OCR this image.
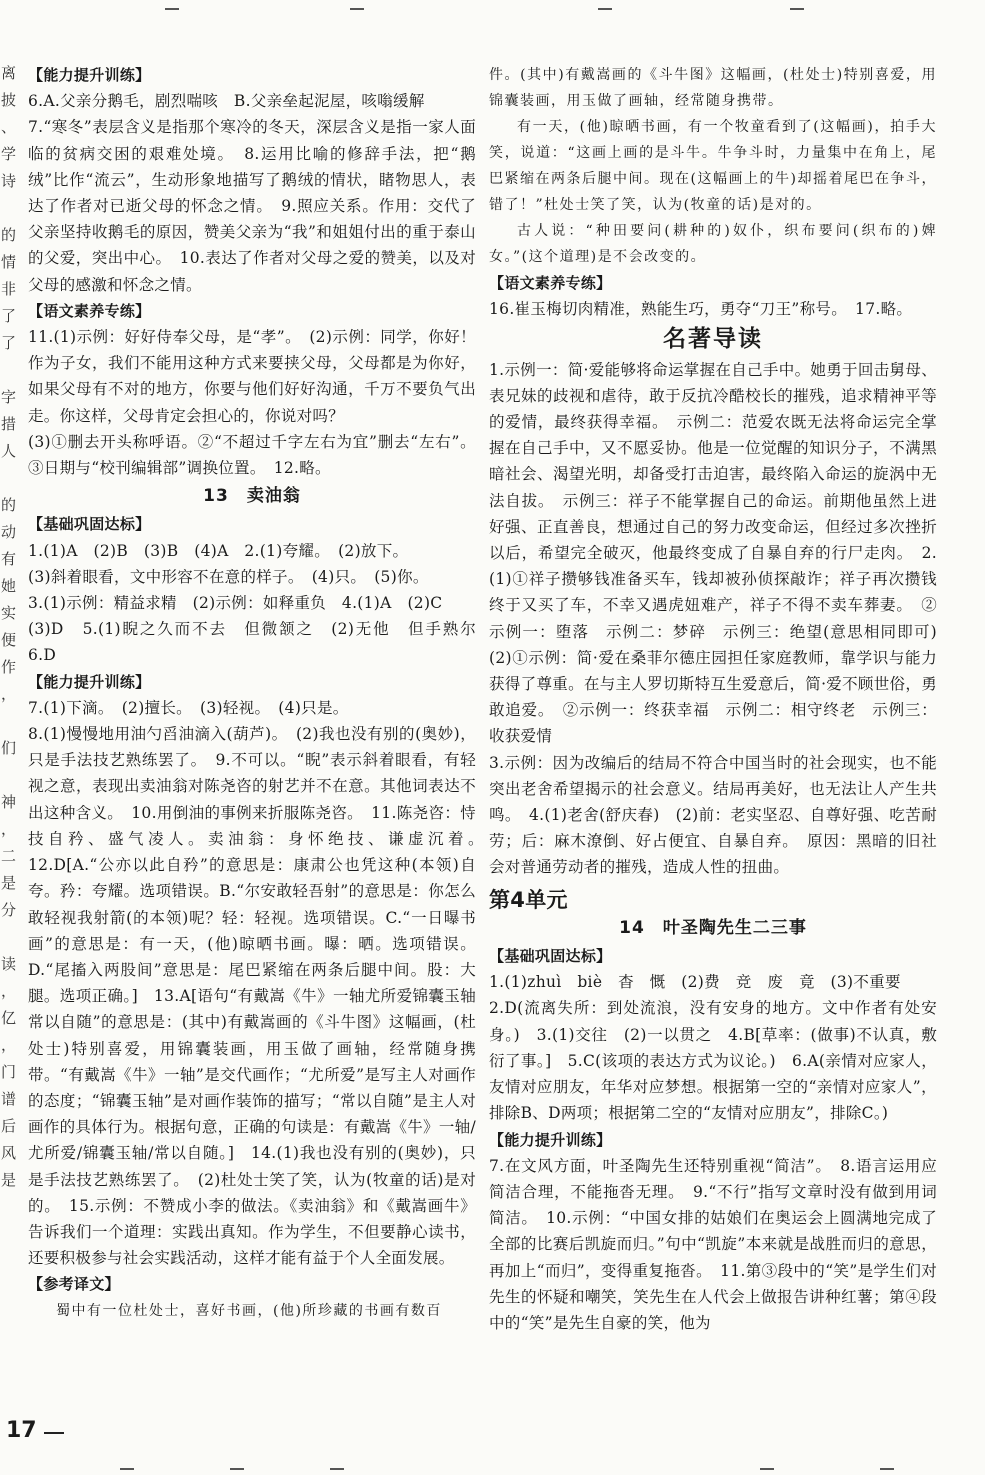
离
披
、
学
诗
的
情
非
了
了
字
措
人
的
动
有
她
实
便
作
，
们
神
，
二
是
分
读
，
亿
，
门
谱
后
风
是
【 能力提升训练 】

6.A.父亲分鹅毛，剧烈喘咳　B.父亲垒起泥屋，咳嗡缓解

7.“寒冬”表层含义是指那个寒冷的冬天，深层含义是指一家人面临的贫病交困的艰难处境。　8.运用比喻的修辞手法，把“鹅绒”比作“流云”，生动形象地描写了鹅绒的情状，睹物思人，表达了作者对已逝父母的怀念之情。　9.照应关系。作用：交代了父亲坚持收鹅毛的原因，赞美父亲为“我”和姐姐付出的重于泰山的父爱，突出中心。　10.表达了作者对父母之爱的赞美，以及对父母的感激和怀念之情。

【 语文素养专练 】

11.(1)示例：好好侍奉父母，是“孝”。　(2)示例：同学，你好！作为子女，我们不能用这种方式来要挟父母，父母都是为你好，如果父母有不对的地方，你要与他们好好沟通，千万不要负气出走。你这样，父母肯定会担心的，你说对吗？

(3)①删去开头称呼语。②“不超过千字左右为宜”删去“左右”。③日期与“校刊编辑部”调换位置。　12.略。

13　卖油翁
【 基础巩固达标 】

1.(1)A　(2)B　(3)B　(4)A　2.(1)夸耀。　(2)放下。

(3)斜着眼看，文中形容不在意的样子。　(4)只。　(5)你。

3.(1)示例：精益求精　(2)示例：如释重负　4.(1)A　(2)C

(3)D　5.(1)睨之久而不去　但微颔之　(2)无他　但手熟尔　6.D

【 能力提升训练 】

7.(1)下滴。　(2)擅长。　(3)轻视。　(4)只是。

8.(1)慢慢地用油勺舀油滴入(葫芦)。　(2)我也没有别的(奥妙)，只是手法技艺熟练罢了。　9.不可以。“睨”表示斜着眼看，有轻视之意，表现出卖油翁对陈尧咨的射艺并不在意。其他词表达不出这种含义。　10.用倒油的事例来折服陈尧咨。　11.陈尧咨：恃技自矜、盛气凌人。卖油翁：身怀绝技、谦虚沉着。　12.D[A.“公亦以此自矜”的意思是：康肃公也凭这种(本领)自夸。矜：夸耀。选项错误。B.“尔安敢轻吾射”的意思是：你怎么敢轻视我射箭(的本领)呢？轻：轻视。选项错误。C.“一日曝书画”的意思是：有一天，(他)晾晒书画。曝：晒。选项错误。D.“尾搐入两股间”意思是：尾巴紧缩在两条后腿中间。股：大腿。选项正确。]　13.A[语句“有戴嵩《牛》一轴尤所爱锦囊玉轴常以自随”的意思是：(其中)有戴嵩画的《斗牛图》这幅画，(杜处士)特别喜爱，用锦囊装画，用玉做了画轴，经常随身携带。“有戴嵩《牛》一轴”是交代画作；“尤所爱”是写主人对画作的态度；“锦囊玉轴”是对画作装饰的描写；“常以自随”是主人对画作的具体行为。根据句意，正确的句读是：有戴嵩《牛》一轴/尤所爱/锦囊玉轴/常以自随。]　14.(1)我也没有别的(奥妙)，只是手法技艺熟练罢了。　(2)杜处士笑了笑，认为(牧童的话)是对的。　15.示例：不赞成小李的做法。《卖油翁》和《戴嵩画牛》告诉我们一个道理：实践出真知。作为学生，不但要静心读书，还要积极参与社会实践活动，这样才能有益于个人全面发展。

【 参考译文 】

蜀中有一位杜处士，喜好书画，(他)所珍藏的书画有数百

件。(其中)有戴嵩画的《斗牛图》这幅画，(杜处士)特别喜爱，用锦囊装画，用玉做了画轴，经常随身携带。

有一天，(他)晾晒书画，有一个牧童看到了(这幅画)，拍手大笑，说道：“这画上画的是斗牛。牛争斗时，力量集中在角上，尾巴紧缩在两条后腿中间。现在(这幅画上的牛)却摇着尾巴在争斗，错了！”杜处士笑了笑，认为(牧童的话)是对的。

古人说：“种田要问(耕种的)奴仆，织布要问(织布的)婢女。”(这个道理)是不会改变的。

【 语文素养专练 】

16.崔玉梅切肉精准，熟能生巧，勇夺“刀王”称号。　17.略。

名著导读

1.示例一：简·爱能够将命运掌握在自己手中。她勇于回击舅母、表兄妹的歧视和虐待，敢于反抗冷酷校长的摧残，追求精神平等的爱情，最终获得幸福。　示例二：范爱农既无法将命运完全掌握在自己手中，又不愿妥协。他是一位觉醒的知识分子，不满黑暗社会、渴望光明，却备受打击迫害，最终陷入命运的旋涡中无法自拔。　示例三：祥子不能掌握自己的命运。前期他虽然上进好强、正直善良，想通过自己的努力改变命运，但经过多次挫折以后，希望完全破灭，他最终变成了自暴自弃的行尸走肉。　2.(1)①祥子攒够钱准备买车，钱却被孙侦探敲诈；祥子再次攒钱终于又买了车，不幸又遇虎妞难产，祥子不得不卖车葬妻。　②示例一：堕落　示例二：梦碎　示例三：绝望(意思相同即可)　(2)①示例：简·爱在桑菲尔德庄园担任家庭教师，靠学识与能力获得了尊重。在与主人罗切斯特互生爱意后，简·爱不顾世俗，勇敢追爱。　②示例一：终获幸福　示例二：相守终老　示例三：收获爱情

3.示例：因为改编后的结局不符合中国当时的社会现实，也不能突出老舍希望揭示的社会意义。结局再美好，也无法让人产生共鸣。　4.(1)老舍(舒庆春)　(2)前：老实坚忍、自尊好强、吃苦耐劳；后：麻木潦倒、好占便宜、自暴自弃。　原因：黑暗的旧社会对普通劳动者的摧残，造成人性的扭曲。

第4单元
14　叶圣陶先生二三事
【 基础巩固达标 】

1.(1)zhuì　biè　杳　慨　(2)费　竞　废　竟　(3)不重要

2.D(流离失所：到处流浪，没有安身的地方。文中作者有处安身。)　3.(1)交往　(2)一以贯之　4.B[草率：(做事)不认真，敷衍了事。]　5.C(该项的表达方式为议论。)　6.A(亲情对应家人，友情对应朋友，年华对应梦想。根据第一空的“亲情对应家人”，排除B、D两项；根据第二空的“友情对应朋友”，排除C。)

【 能力提升训练 】

7.在文风方面，叶圣陶先生还特别重视“简洁”。　8.语言运用应简洁合理，不能拖沓无理。　9.“不行”指写文章时没有做到用词简洁。　10.示例：“中国女排的姑娘们在奥运会上圆满地完成了全部的比赛后凯旋而归。”句中“凯旋”本来就是战胜而归的意思，再加上“而归”，变得重复拖沓。　11.第③段中的“笑”是学生们对先生的怀疑和嘲笑，笑先生在人代会上做报告讲种红薯；第④段中的“笑”是先生自豪的笑，他为

17
